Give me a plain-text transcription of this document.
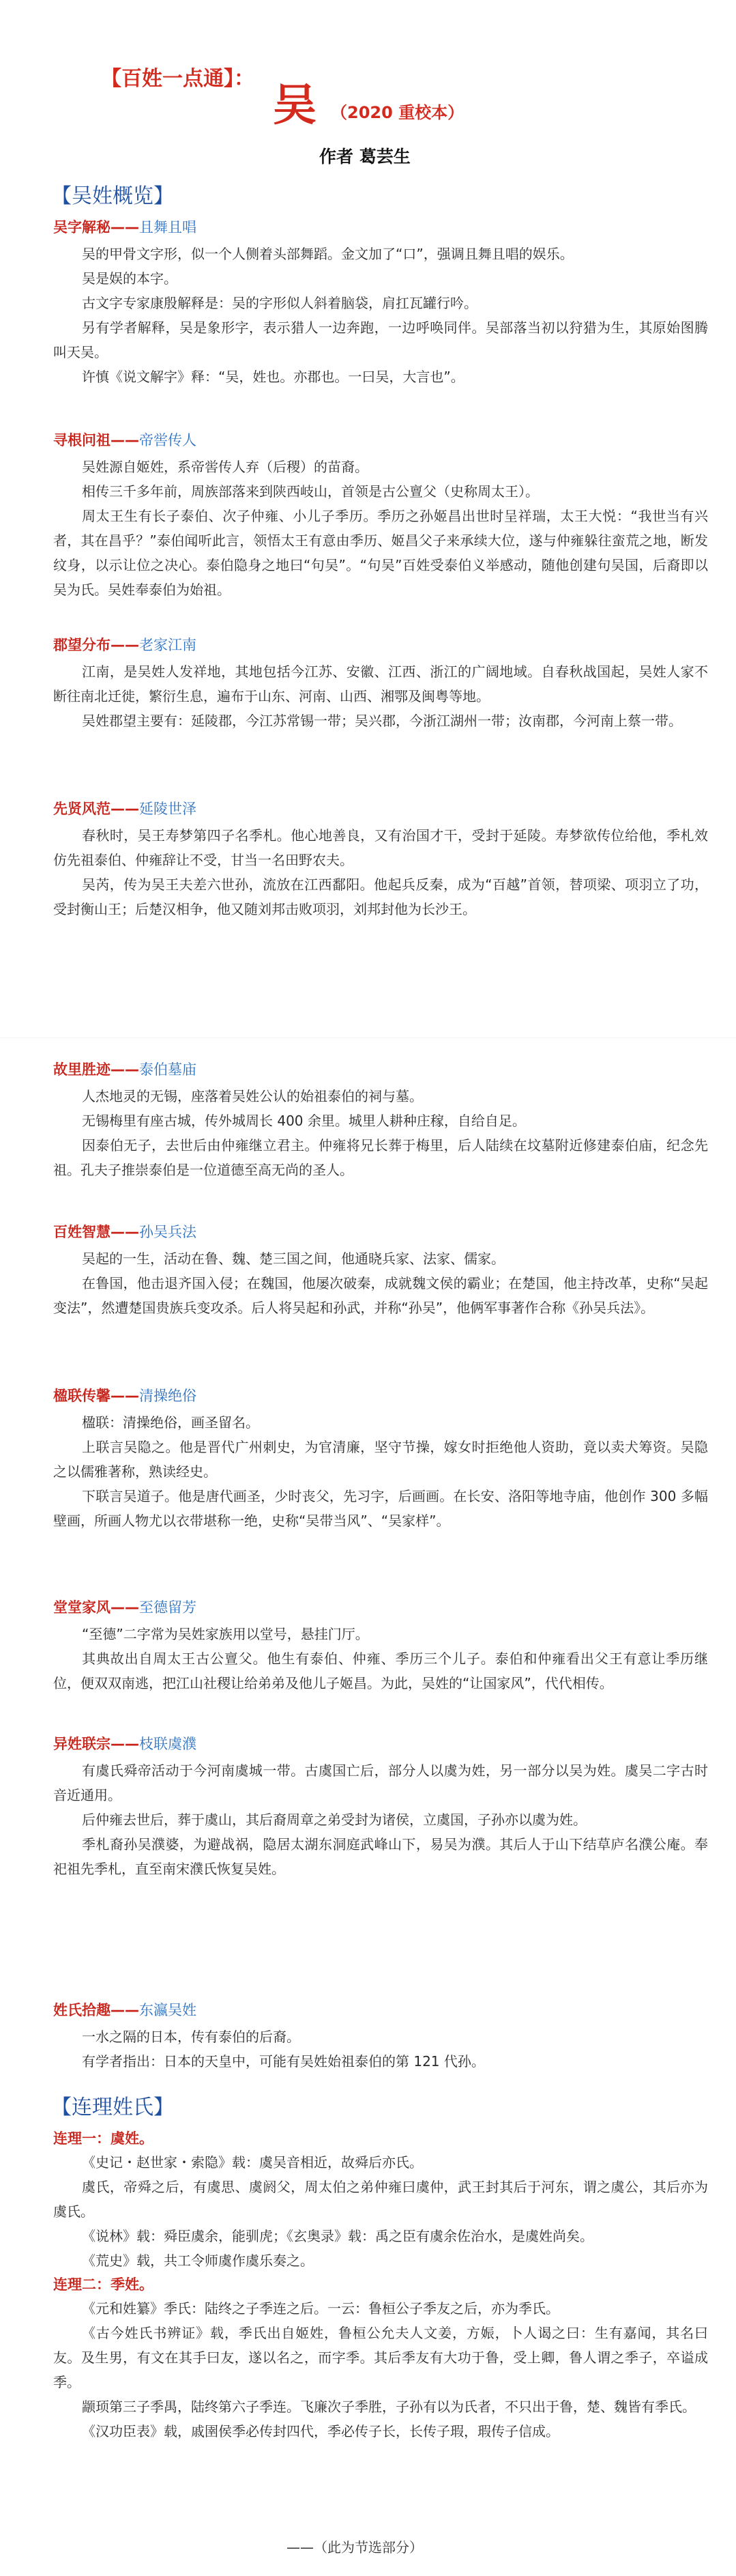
【百姓一点通】：
吴 （2020 重校本）
作者 葛芸生
【吴姓概览】
吴字解秘——且舞且唱

吴的甲骨文字形，似一个人侧着头部舞蹈。金文加了“口”，强调且舞且唱的娱乐。

吴是娱的本字。

古文字专家康殷解释是：吴的字形似人斜着脑袋，肩扛瓦罐行吟。

另有学者解释，吴是象形字，表示猎人一边奔跑，一边呼唤同伴。吴部落当初以狩猎为生，其原始图腾叫天吴。

许慎《说文解字》释：“吴，姓也。亦郡也。一曰吴，大言也”。

寻根问祖——帝喾传人

吴姓源自姬姓，系帝喾传人弃（后稷）的苗裔。

相传三千多年前，周族部落来到陕西岐山，首领是古公亶父（史称周太王）。

周太王生有长子泰伯、次子仲雍、小儿子季历。季历之孙姬昌出世时呈祥瑞，太王大悦：“我世当有兴者，其在昌乎？”泰伯闻听此言，领悟太王有意由季历、姬昌父子来承续大位，遂与仲雍躲往蛮荒之地，断发纹身，以示让位之决心。泰伯隐身之地曰“句吴”。“句吴”百姓受泰伯义举感动，随他创建句吴国，后裔即以吴为氏。吴姓奉泰伯为始祖。

郡望分布——老家江南

江南，是吴姓人发祥地，其地包括今江苏、安徽、江西、浙江的广阔地域。自春秋战国起，吴姓人家不断往南北迁徙，繁衍生息，遍布于山东、河南、山西、湘鄂及闽粤等地。

吴姓郡望主要有：延陵郡，今江苏常锡一带；吴兴郡，今浙江湖州一带；汝南郡，今河南上蔡一带。

先贤风范——延陵世泽

春秋时，吴王寿梦第四子名季札。他心地善良，又有治国才干，受封于延陵。寿梦欲传位给他，季札效仿先祖泰伯、仲雍辞让不受，甘当一名田野农夫。

吴芮，传为吴王夫差六世孙，流放在江西鄱阳。他起兵反秦，成为“百越”首领，替项梁、项羽立了功，受封衡山王；后楚汉相争，他又随刘邦击败项羽，刘邦封他为长沙王。

故里胜迹——泰伯墓庙

人杰地灵的无锡，座落着吴姓公认的始祖泰伯的祠与墓。

无锡梅里有座古城，传外城周长 400 余里。城里人耕种庄稼，自给自足。

因泰伯无子，去世后由仲雍继立君主。仲雍将兄长葬于梅里，后人陆续在坟墓附近修建泰伯庙，纪念先祖。孔夫子推崇泰伯是一位道德至高无尚的圣人。

百姓智慧——孙吴兵法

吴起的一生，活动在鲁、魏、楚三国之间，他通晓兵家、法家、儒家。

在鲁国，他击退齐国入侵；在魏国，他屡次破秦，成就魏文侯的霸业；在楚国，他主持改革，史称“吴起变法”，然遭楚国贵族兵变攻杀。后人将吴起和孙武，并称“孙吴”，他俩军事著作合称《孙吴兵法》。

楹联传馨——清操绝俗

楹联：清操绝俗，画圣留名。

上联言吴隐之。他是晋代广州刺史，为官清廉，坚守节操，嫁女时拒绝他人资助，竟以卖犬筹资。吴隐之以儒雅著称，熟读经史。

下联言吴道子。他是唐代画圣，少时丧父，先习字，后画画。在长安、洛阳等地寺庙，他创作 300 多幅壁画，所画人物尤以衣带堪称一绝，史称“吴带当风”、“吴家样”。

堂堂家风——至德留芳

“至德”二字常为吴姓家族用以堂号，悬挂门厅。

其典故出自周太王古公亶父。他生有泰伯、仲雍、季历三个儿子。泰伯和仲雍看出父王有意让季历继位，便双双南逃，把江山社稷让给弟弟及他儿子姬昌。为此，吴姓的“让国家风”，代代相传。

异姓联宗——枝联虞濮

有虞氏舜帝活动于今河南虞城一带。古虞国亡后，部分人以虞为姓，另一部分以吴为姓。虞吴二字古时音近通用。

后仲雍去世后，葬于虞山，其后裔周章之弟受封为诸侯，立虞国，子孙亦以虞为姓。

季札裔孙吴濮婆，为避战祸，隐居太湖东洞庭武峰山下，易吴为濮。其后人于山下结草庐名濮公庵。奉祀祖先季札，直至南宋濮氏恢复吴姓。

姓氏拾趣——东瀛吴姓

一水之隔的日本，传有泰伯的后裔。

有学者指出：日本的天皇中，可能有吴姓始祖泰伯的第 121 代孙。

【连理姓氏】
连理一：虞姓。

《史记・赵世家・索隐》载：虞吴音相近，故舜后亦氏。

虞氏，帝舜之后，有虞思、虞阏父，周太伯之弟仲雍曰虞仲，武王封其后于河东，谓之虞公，其后亦为虞氏。

《说林》载：舜臣虞余，能驯虎；《玄奥录》载：禹之臣有虞余佐治水，是虞姓尚矣。

《荒史》载，共工令师虞作虞乐奏之。

连理二：季姓。

《元和姓纂》季氏：陆终之子季连之后。一云：鲁桓公子季友之后，亦为季氏。

《古今姓氏书辨证》载，季氏出自姬姓，鲁桓公允夫人文姜，方娠，卜人谒之曰：生有嘉闻，其名曰友。及生男，有文在其手曰友，遂以名之，而字季。其后季友有大功于鲁，受上卿，鲁人谓之季子，卒谥成季。

颛顼第三子季禺，陆终第六子季连。飞廉次子季胜，子孙有以为氏者，不只出于鲁，楚、魏皆有季氏。

《汉功臣表》载，戚圉侯季必传封四代，季必传子长，长传子瑕，瑕传子信成。

——（此为节选部分）
